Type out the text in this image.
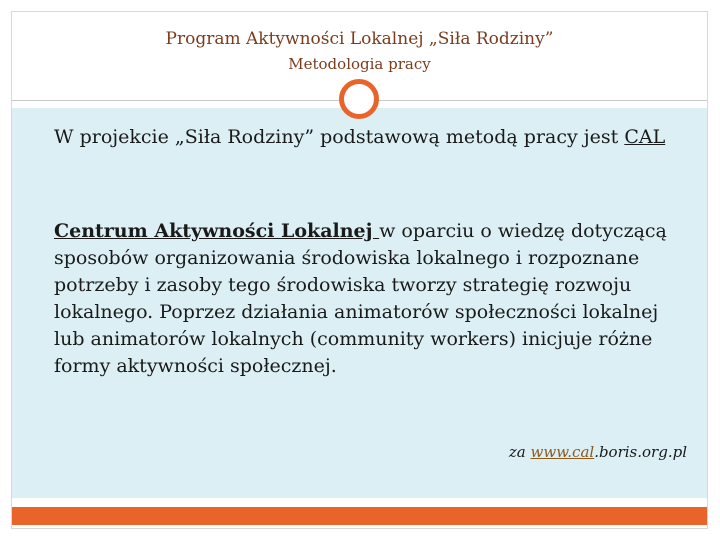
Program Aktywności Lokalnej „Siła Rodziny”
Metodologia pracy
W projekcie „Siła Rodziny” podstawową metodą pracy jest CAL
Centrum Aktywności Lokalnej w oparciu o wiedzę dotyczącą sposobów organizowania środowiska lokalnego i rozpoznane potrzeby i zasoby tego środowiska tworzy strategię rozwoju lokalnego. Poprzez działania animatorów społeczności lokalnej lub animatorów lokalnych (community workers) inicjuje różne formy aktywności społecznej.
za www.cal.boris.org.pl
